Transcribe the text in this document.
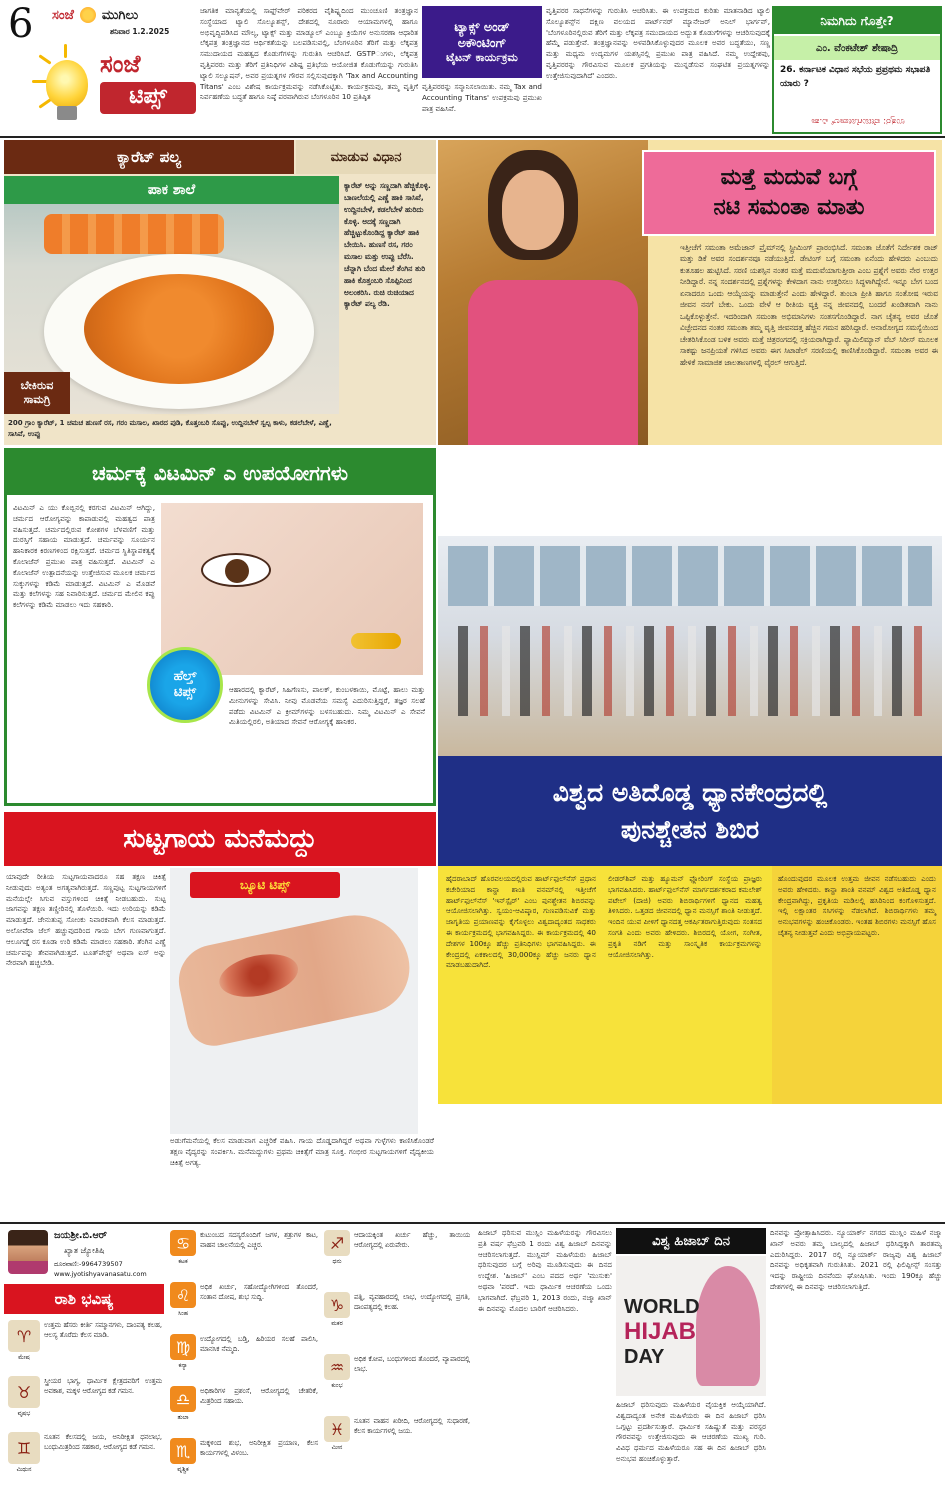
6	ಸಂಜೆ ಮುಗಿಲು
ಶನಿವಾರ 1.2.2025
ಸಂಜೆ
ಟಿಪ್ಸ್
ಜಾಗತಿಕ ಮಾನ್ಯತೆಯಲ್ಲಿ ಸಾಫ್ಟ್‌ವೇರ್ ಪರಿಕರದ ವೈಶಿಷ್ಟ್ಯದಿಂದ ಮುಂಚೂಣಿ ತಂತ್ರಜ್ಞಾನ ಸಂಸ್ಥೆಯಾದ ಟ್ಯಾಲಿ ಸೊಲ್ಯೂಶನ್ಸ್‌, ದೇಶದಲ್ಲಿ ನೂರಾರು ಆಯಾಮಗಳಲ್ಲಿ ಹಾಗೂ ಅಭಿವೃದ್ಧಿಪಡಿಸಿದ ಮೌಲ್ಯ, ಟ್ಯಾಕ್ಸ್ ಮತ್ತು ಮಾಡ್ಯೂಲ್ ಎಂಬ್ಯೂ ಕ್ರಿಯೆಗಳ ಅನುಸರಣಾ ಆಧಾರಿತ ಲೆಕ್ಕಪತ್ರ ತಂತ್ರಜ್ಞಾನದ ಆರ್ಥಿಕತೆಯನ್ನು ಬಲಪಡಿಸುವಲ್ಲಿ, ಬೆಂಗಳೂರಿನ ತೆರಿಗೆ ಮತ್ತು ಲೆಕ್ಕಪತ್ರ ಸಮುದಾಯದ ಮಹತ್ವದ ಕೊಡುಗೆಗಳನ್ನು ಗುರುತಿಸಿ ಆಚರಿಸಿದೆ. GSTPುಗಳು, ಲೆಕ್ಕಪತ್ರ ವೃತ್ತಿಪರರು ಮತ್ತು ತೆರಿಗೆ ಪ್ರತಿನಿಧಿಗಳ ವಿಶಿಷ್ಟ ಪ್ರತಿಭೆಯ ಆಯೋಜಿತ ಕೊಡುಗೆಯನ್ನು ಗುರುತಿಸಿ ಟ್ಯಾಲಿ ಸಲ್ಯೂಷನ್, ಅವರ ಪ್ರಯತ್ನಗಳ ಗೌರವ ಸಲ್ಲಿಸುವುದಕ್ಕಾಗಿ 'Tax and Accounting Titans' ಎಂಬ ವಿಶೇಷ ಕಾರ್ಯಕ್ರಮವನ್ನು ನಡೆಸಿಕೊಟ್ಟಿತು. ಕಾರ್ಯಕ್ರಮವು, ತಮ್ಮ ವೃತ್ತಿಗೆ ನಿರ್ವಹಣೆಯ ಬದ್ಧತೆ ಹಾಗೂ ನಿಷ್ಠೆ ಪರವಾಗಿರುವ ಬೆಂಗಳೂರಿನ 10 ಪ್ರತಿಷ್ಠಿತ
ಟ್ಯಾಕ್ಸ್ ಅಂಡ್
ಅಕೌಂಟಿಂಗ್
ಟೈಟನ್ ಕಾರ್ಯಕ್ರಮ
ವೃತ್ತಿಪರರನ್ನು ಸನ್ಮಾನಿಸಲಾಯಿತು. ನಮ್ಮ Tax and Accounting Titans' ಉಪಕ್ರಮವು ಪ್ರಮುಖ ಪಾತ್ರ ವಹಿಸಿವೆ.
ವೃತ್ತಿಪರರ ಸಾಧನೆಗಳನ್ನು ಗುರುತಿಸಿ ಆಚರಿಸಿತು. ಈ ಉಪಕ್ರಮದ ಕುರಿತು ಮಾತನಾಡಿದ ಟ್ಯಾಲಿ ಸೊಲ್ಯೂಶನ್ಸ್‌ನ ದಕ್ಷಿಣ ವಲಯದ ಪಾರ್ಟ್‌ನರ್ ಮ್ಯಾನೇಜರ್ ಅನಿಲ್ ಭಾರ್ಗವ್, 'ಬೆಂಗಳೂರಿನಲ್ಲಿರುವ ತೆರಿಗೆ ಮತ್ತು ಲೆಕ್ಕಪತ್ರ ಸಮುದಾಯದ ಅದ್ಭುತ ಕೊಡುಗೆಗಳನ್ನು ಆಚರಿಸುವುದಕ್ಕೆ ಹೆಮ್ಮೆ ಪಡುತ್ತೇವೆ. ತಂತ್ರಜ್ಞಾನವನ್ನು ಅಳವಡಿಸಿಕೊಳ್ಳುವುದರ ಮೂಲಕ ಅವರ ಬದ್ಧತೆಯು, ಸಣ್ಣ ಮತ್ತು ಮಧ್ಯಮ ಉದ್ಯಮಗಳ ಯಶಸ್ಸಿನಲ್ಲಿ ಪ್ರಮುಖ ಪಾತ್ರ ವಹಿಸಿದೆ. ನಮ್ಮ ಉದ್ದೇಶವು, ವೃತ್ತಿಪರರನ್ನು ಗೌರವಿಸುವ ಮೂಲಕ ಪ್ರಗತಿಯನ್ನು ಮುನ್ನಡೆಸುವ ಸಂಘಟಿತ ಪ್ರಯತ್ನಗಳನ್ನು ಉತ್ತೇಜಿಸುವುದಾಗಿದೆ' ಎಂದರು.
ನಿಮಗಿದು ಗೊತ್ತೇ?
ಎಂ. ವೆಂಕಟೇಶ್ ಶೇಷಾದ್ರಿ
26. ಕರ್ನಾಟಕ ವಿಧಾನ ಸಭೆಯ ಪ್ರಪ್ರಥಮ ಸಭಾಪತಿ ಯಾರು ?
ಉತ್ತರ: ವೇಣುಗೋಪಾಲ್ ವಿ.ಶಾ
ಕ್ಯಾರೆಟ್ ಪಲ್ಯ	ಮಾಡುವ ವಿಧಾನ
ಪಾಕ ಶಾಲೆ
ಬೇಕಿರುವ
ಸಾಮಗ್ರಿ
ಕ್ಯಾರೆಟ್ ಅನ್ನು ಸಣ್ಣದಾಗಿ ಹೆಚ್ಚಿಕೊಳ್ಳಿ. ಬಾಣಲೆಯಲ್ಲಿ ಎಣ್ಣೆ ಹಾಕಿ ಸಾಸಿವೆ, ಉದ್ದಿನಬೇಳೆ, ಕಡಲೆಬೇಳೆ ಹುರಿದು ಕೊಳ್ಳಿ. ಅದಕ್ಕೆ ಸಣ್ಣದಾಗಿ ಹೆಚ್ಚಿಟ್ಟುಕೊಂಡಿದ್ದ ಕ್ಯಾರೆಟ್ ಹಾಕಿ ಬೇಯಿಸಿ. ಹುಣಸೆ ರಸ, ಗರಂ ಮಸಾಲ ಮತ್ತು ಉಪ್ಪು ಬೆರೆಸಿ. ಚೆನ್ನಾಗಿ ಬೆಂದ ಮೇಲೆ ತೆಂಗಿನ ತುರಿ ಹಾಕಿ ಕೊತ್ತಂಬರಿ ಸೊಪ್ಪಿನಿಂದ ಅಲಂಕರಿಸಿ. ರುಚಿ ರುಚಿಯಾದ ಕ್ಯಾರೆಟ್ ಪಲ್ಯ ರೆಡಿ.
200 ಗ್ರಾಂ ಕ್ಯಾರೆಟ್, 1 ಚಮಚ ಹುಣಸೆ ರಸ, ಗರಂ ಮಸಾಲ, ಖಾರದ ಪುಡಿ, ಕೊತ್ತಂಬರಿ ಸೊಪ್ಪು, ಉದ್ದಿನಬೇಳೆ ಸ್ವಲ್ಪ ಕಾಳು, ಕಡಲೆಬೇಳೆ, ಎಣ್ಣೆ, ಸಾಸಿವೆ, ಉಪ್ಪು
ಮತ್ತೆ ಮದುವೆ ಬಗ್ಗೆ
ನಟಿ ಸಮಂತಾ ಮಾತು
ಇತ್ತೀಚೆಗೆ ಸಮಂತಾ ಅಮೆಜಾನ್ ಪ್ರೈಮ್‌ನಲ್ಲಿ ಸ್ಟ್ರೀಮಿಂಗ್ ಪ್ರಾರಂಭಿಸಿದೆ. ಸಮಂತಾ ಜೊತೆಗೆ ನಿರ್ದೇಶಕ ರಾಜ್ ಮತ್ತು ಡಿಕೆ ಅವರ ಸಂದರ್ಶನವೂ ನಡೆಯುತ್ತಿದೆ. ಡೇಟಿಂಗ್ ಬಗ್ಗೆ ಸಮಂತಾ ಏನೆಂದು ಹೇಳಿದರು ಎಂಬುದು ಕುತೂಹಲ ಹುಟ್ಟಿಸಿದೆ. ಸರಣಿ ಯಶಸ್ಸಿನ ನಂತರ ಮತ್ತೆ ಮದುವೆಯಾಗುತ್ತೀರಾ ಎಂಬ ಪ್ರಶ್ನೆಗೆ ಅವರು ನೇರ ಉತ್ತರ ನೀಡಿದ್ದಾರೆ. ನನ್ನ ಸಂದರ್ಶನದಲ್ಲಿ ಪ್ರಶ್ನೆಗಳನ್ನು ಕೇಳಿದಾಗ ನಾನು ಉತ್ತರಿಸಲು ಸಿದ್ಧಳಾಗಿದ್ದೇನೆ. ಇನ್ನೂ ಬೇಗ ಬಂದ ಏನಾದರೂ ಒಂದು ಆಯ್ಕೆಯನ್ನು ಮಾಡುತ್ತೇನೆ ಎಂದು ಹೇಳಿದ್ದಾರೆ. ತುಂಬಾ ಪ್ರೀತಿ ಹಾಗೂ ಸಂತೋಷ ಇರುವ ಜೀವನ ನನಗೆ ಬೇಕು. ಒಂದು ವೇಳೆ ಆ ರೀತಿಯ ವ್ಯಕ್ತಿ ನನ್ನ ಜೀವನದಲ್ಲಿ ಬಂದರೆ ಖಂಡಿತವಾಗಿ ನಾನು ಒಪ್ಪಿಕೊಳ್ಳುತ್ತೇನೆ. ಇದರಿಂದಾಗಿ ಸಮಂತಾ ಅಭಿಮಾನಿಗಳು ಸಂತಸಗೊಂಡಿದ್ದಾರೆ. ನಾಗ ಚೈತನ್ಯ ಅವರ ಜೊತೆ ವಿಚ್ಛೇದನದ ನಂತರ ಸಮಂತಾ ತಮ್ಮ ವೃತ್ತಿ ಜೀವನದತ್ತ ಹೆಚ್ಚಿನ ಗಮನ ಹರಿಸಿದ್ದಾರೆ. ಅನಾರೋಗ್ಯದ ಸಮಸ್ಯೆಯಿಂದ ಚೇತರಿಸಿಕೊಂಡ ಬಳಿಕ ಅವರು ಮತ್ತೆ ಚಿತ್ರರಂಗದಲ್ಲಿ ಸಕ್ರಿಯರಾಗಿದ್ದಾರೆ. ಫ್ಯಾಮಿಲಿಮ್ಯಾನ್ ವೆಬ್ ಸಿರೀಸ್ ಮೂಲಕ ಸಾಕಷ್ಟು ಜನಪ್ರಿಯತೆ ಗಳಿಸಿದ ಅವರು ಈಗ ಸಿಟಾಡೆಲ್ ಸರಣಿಯಲ್ಲಿ ಕಾಣಿಸಿಕೊಂಡಿದ್ದಾರೆ. ಸಮಂತಾ ಅವರ ಈ ಹೇಳಿಕೆ ಸಾಮಾಜಿಕ ಜಾಲತಾಣಗಳಲ್ಲಿ ವೈರಲ್ ಆಗುತ್ತಿದೆ.
ಚರ್ಮಕ್ಕೆ ವಿಟಮಿನ್ ಎ ಉಪಯೋಗಗಳು
ವಿಟಮಿನ್ ಎ ಯು ಕೊಬ್ಬಿನಲ್ಲಿ ಕರಗುವ ವಿಟಮಿನ್ ಆಗಿದ್ದು, ಚರ್ಮದ ಆರೋಗ್ಯವನ್ನು ಕಾಪಾಡುವಲ್ಲಿ ಮಹತ್ವದ ಪಾತ್ರ ವಹಿಸುತ್ತದೆ. ಚರ್ಮದಲ್ಲಿರುವ ಕೋಶಗಳ ಬೆಳವಣಿಗೆ ಮತ್ತು ದುರಸ್ತಿಗೆ ಸಹಾಯ ಮಾಡುತ್ತದೆ. ಚರ್ಮವನ್ನು ಸೂರ್ಯನ ಹಾನಿಕಾರಕ ಕಿರಣಗಳಿಂದ ರಕ್ಷಿಸುತ್ತದೆ. ಚರ್ಮದ ಸ್ಥಿತಿಸ್ಥಾಪಕತ್ವಕ್ಕೆ ಕೊಲಾಜೆನ್ ಪ್ರಮುಖ ಪಾತ್ರ ವಹಿಸುತ್ತದೆ. ವಿಟಮಿನ್ ಎ ಕೊಲಾಜೆನ್ ಉತ್ಪಾದನೆಯನ್ನು ಉತ್ತೇಜಿಸುವ ಮೂಲಕ ಚರ್ಮದ ಸುಕ್ಕುಗಳನ್ನು ಕಡಿಮೆ ಮಾಡುತ್ತದೆ. ವಿಟಮಿನ್ ಎ ಮೊಡವೆ ಮತ್ತು ಕಲೆಗಳನ್ನು ಸಹ ನಿವಾರಿಸುತ್ತದೆ. ಚರ್ಮದ ಮೇಲಿನ ಕಪ್ಪು ಕಲೆಗಳನ್ನು ಕಡಿಮೆ ಮಾಡಲು ಇದು ಸಹಕಾರಿ.
ಹೆಲ್ತ್
ಟಿಪ್ಸ್	ಆಹಾರದಲ್ಲಿ ಕ್ಯಾರೆಟ್, ಸಿಹಿಗೆಣಸು, ಪಾಲಕ್, ಕುಂಬಳಕಾಯಿ, ಮೊಟ್ಟೆ, ಹಾಲು ಮತ್ತು ಮೀನುಗಳನ್ನು ಸೇವಿಸಿ. ನೀವು ಮೊಡವೆಯ ಸಮಸ್ಯೆ ಎದುರಿಸುತ್ತಿದ್ದರೆ, ತಜ್ಞರ ಸಲಹೆ ಪಡೆದು ವಿಟಮಿನ್ ಎ ಕ್ರೀಮ್‌ಗಳನ್ನು ಬಳಸಬಹುದು. ನಿಮ್ಮ ವಿಟಮಿನ್ ಎ ಸೇವನೆ ಮಿತಿಯಲ್ಲಿರಲಿ, ಅತಿಯಾದ ಸೇವನೆ ಆರೋಗ್ಯಕ್ಕೆ ಹಾನಿಕರ.
ವಿಶ್ವದ ಅತಿದೊಡ್ಡ ಧ್ಯಾನಕೇಂದ್ರದಲ್ಲಿ
ಪುನಶ್ಚೇತನ ಶಿಬಿರ
ಹೈದರಾಬಾದ್ ಹೊರವಲಯದಲ್ಲಿರುವ ಹಾರ್ಟ್‌ಫುಲ್‌ನೆಸ್ ಪ್ರಧಾನ ಕಚೇರಿಯಾದ ಕಾನ್ಹಾ ಶಾಂತಿ ವನಮ್‌ನಲ್ಲಿ ಇತ್ತೀಚೆಗೆ ಹಾರ್ಟ್‌ಫುಲ್‌ನೆಸ್ 'ಇನ್‌ಸ್ಪೈರ್' ಎಂಬ ಪುನಶ್ಚೇತನ ಶಿಬಿರವನ್ನು ಆಯೋಜಿಸಲಾಗಿತ್ತು. ಸ್ವಯಂ-ಆವಿಷ್ಕಾರ, ಗುಣಪಡಿಸುವಿಕೆ ಮತ್ತು ಜಾಗೃತಿಯ ಪ್ರಯಾಣವನ್ನು ಕೈಗೊಳ್ಳಲು ವಿಶ್ವದಾದ್ಯಂತದ ಸಾಧಕರು ಈ ಕಾರ್ಯಕ್ರಮದಲ್ಲಿ ಭಾಗವಹಿಸಿದ್ದರು. ಈ ಕಾರ್ಯಕ್ರಮದಲ್ಲಿ 40 ದೇಶಗಳ 100ಕ್ಕೂ ಹೆಚ್ಚು ಪ್ರತಿನಿಧಿಗಳು ಭಾಗವಹಿಸಿದ್ದರು. ಈ ಕೇಂದ್ರದಲ್ಲಿ ಏಕಕಾಲದಲ್ಲಿ 30,000ಕ್ಕೂ ಹೆಚ್ಚು ಜನರು ಧ್ಯಾನ ಮಾಡಬಹುದಾಗಿದೆ.
ಲೀಡರ್‌ಶಿಪ್ ಮತ್ತು ಹ್ಯೂಮನ್ ಫ್ಲೋರಿಂಗ್ ಸಂಸ್ಥೆಯ ಪ್ರಾಜ್ಞರು ಭಾಗವಹಿಸಿದರು. ಹಾರ್ಟ್‌ಫುಲ್‌ನೆಸ್ ಮಾರ್ಗದರ್ಶಕರಾದ ಕಮಲೇಶ್ ಪಟೇಲ್ (ದಾಜಿ) ಅವರು ಶಿಬಿರಾರ್ಥಿಗಳಿಗೆ ಧ್ಯಾನದ ಮಹತ್ವ ತಿಳಿಸಿದರು. ಒತ್ತಡದ ಜೀವನದಲ್ಲಿ ಧ್ಯಾನ ಮನಸ್ಸಿಗೆ ಶಾಂತಿ ನೀಡುತ್ತದೆ. ಇಂದಿನ ಯುವ ಪೀಳಿಗೆ ಧ್ಯಾನದತ್ತ ಆಕರ್ಷಿತರಾಗುತ್ತಿರುವುದು ಸಂತಸದ ಸಂಗತಿ ಎಂದು ಅವರು ಹೇಳಿದರು. ಶಿಬಿರದಲ್ಲಿ ಯೋಗ, ಸಂಗೀತ, ಪ್ರಕೃತಿ ನಡಿಗೆ ಮತ್ತು ಸಾಂಸ್ಕೃತಿಕ ಕಾರ್ಯಕ್ರಮಗಳನ್ನು ಆಯೋಜಿಸಲಾಗಿತ್ತು.
ಹೊಂದುವುದರ ಮೂಲಕ ಉತ್ತಮ ಜೀವನ ನಡೆಸಬಹುದು ಎಂದು ಅವರು ಹೇಳಿದರು. ಕಾನ್ಹಾ ಶಾಂತಿ ವನಮ್ ವಿಶ್ವದ ಅತಿದೊಡ್ಡ ಧ್ಯಾನ ಕೇಂದ್ರವಾಗಿದ್ದು, ಪ್ರಕೃತಿಯ ಮಡಿಲಲ್ಲಿ ಹಸಿರಿನಿಂದ ಕಂಗೊಳಿಸುತ್ತದೆ. ಇಲ್ಲಿ ಲಕ್ಷಾಂತರ ಸಸಿಗಳನ್ನು ನೆಡಲಾಗಿದೆ. ಶಿಬಿರಾರ್ಥಿಗಳು ತಮ್ಮ ಅನುಭವಗಳನ್ನು ಹಂಚಿಕೊಂಡರು. ಇಂತಹ ಶಿಬಿರಗಳು ಮನಸ್ಸಿಗೆ ಹೊಸ ಚೈತನ್ಯ ನೀಡುತ್ತವೆ ಎಂದು ಅಭಿಪ್ರಾಯಪಟ್ಟರು.
ಸುಟ್ಟಗಾಯ ಮನೆಮದ್ದು
ಯಾವುದೇ ರೀತಿಯ ಸುಟ್ಟಗಾಯವಾದರೂ ಸಹ ತಕ್ಷಣ ಚಿಕಿತ್ಸೆ ನೀಡುವುದು ಅತ್ಯಂತ ಅಗತ್ಯವಾಗಿರುತ್ತದೆ. ಸಣ್ಣಪುಟ್ಟ ಸುಟ್ಟಗಾಯಗಳಿಗೆ ಮನೆಯಲ್ಲೇ ಸಿಗುವ ವಸ್ತುಗಳಿಂದ ಚಿಕಿತ್ಸೆ ನೀಡಬಹುದು. ಸುಟ್ಟ ಜಾಗವನ್ನು ತಕ್ಷಣ ತಣ್ಣೀರಿನಲ್ಲಿ ತೊಳೆಯಿರಿ. ಇದು ಉರಿಯನ್ನು ಕಡಿಮೆ ಮಾಡುತ್ತದೆ. ಜೇನುತುಪ್ಪ ಸೋಂಕು ನಿವಾರಕವಾಗಿ ಕೆಲಸ ಮಾಡುತ್ತದೆ. ಅಲೋವೆರಾ ಜೆಲ್ ಹಚ್ಚುವುದರಿಂದ ಗಾಯ ಬೇಗ ಗುಣವಾಗುತ್ತದೆ. ಆಲೂಗಡ್ಡೆ ರಸ ಕೂಡಾ ಉರಿ ಕಡಿಮೆ ಮಾಡಲು ಸಹಕಾರಿ. ತೆಂಗಿನ ಎಣ್ಣೆ ಚರ್ಮವನ್ನು ತೇವವಾಗಿಡುತ್ತದೆ. ಟೂತ್‌ಪೇಸ್ಟ್ ಅಥವಾ ಐಸ್ ಅನ್ನು ನೇರವಾಗಿ ಹಚ್ಚಬೇಡಿ.
ಬ್ಯೂಟಿ ಟಿಪ್ಸ್
ಅಡುಗೆಮನೆಯಲ್ಲಿ ಕೆಲಸ ಮಾಡುವಾಗ ಎಚ್ಚರಿಕೆ ವಹಿಸಿ. ಗಾಯ ದೊಡ್ಡದಾಗಿದ್ದರೆ ಅಥವಾ ಗುಳ್ಳೆಗಳು ಕಾಣಿಸಿಕೊಂಡರೆ ತಕ್ಷಣ ವೈದ್ಯರನ್ನು ಸಂಪರ್ಕಿಸಿ. ಮನೆಮದ್ದುಗಳು ಪ್ರಥಮ ಚಿಕಿತ್ಸೆಗೆ ಮಾತ್ರ ಸೂಕ್ತ. ಗಂಭೀರ ಸುಟ್ಟಗಾಯಗಳಿಗೆ ವೈದ್ಯಕೀಯ ಚಿಕಿತ್ಸೆ ಅಗತ್ಯ.
ಜಯಶ್ರೀ.ಬಿ.ಆರ್
ಖ್ಯಾತ ಜ್ಯೋತಿಷಿ
ದೂರವಾಣಿ:-9964739507
www.jyotishyavanasatu.com
ರಾಶಿ ಭವಿಷ್ಯ
♈
ಮೇಷ
ಉತ್ತಮ ಹೆಸರು ಕೀರ್ತಿ ಸಮ್ಮಾನಗಳು, ದಾಂಪತ್ಯ ಕಲಹ, ಆಲಸ್ಯ ತೊರೆದು ಕೆಲಸ ಮಾಡಿ.
♉
ವೃಷಭ
ಸ್ತ್ರೀಯರ ಭಾಗ್ಯ, ಧಾರ್ಮಿಕ ಕ್ಷೇತ್ರದವರಿಗೆ ಉತ್ತಮ ಅವಕಾಶ, ಮಕ್ಕಳ ಆರೋಗ್ಯದ ಕಡೆ ಗಮನ.
♊
ಮಿಥುನ
ನೂತನ ಕೆಲಸದಲ್ಲಿ ಜಯ, ಅನಿರೀಕ್ಷಿತ ಧನಲಾಭ, ಬಂಧುಮಿತ್ರರಿಂದ ಸಹಕಾರ, ಆರೋಗ್ಯದ ಕಡೆ ಗಮನ.
♋
ಕಟಕ
ಕುಟುಂಬದ ಸದಸ್ಯರೊಂದಿಗೆ ಜಗಳ, ಶತ್ರುಗಳ ಕಾಟ, ವಾಹನ ಚಾಲನೆಯಲ್ಲಿ ಎಚ್ಚರ.
♌
ಸಿಂಹ
ಅಧಿಕ ಖರ್ಚು, ಸಹೋದ್ಯೋಗಿಗಳಿಂದ ತೊಂದರೆ, ಸಂತಾನ ದೋಷ, ಶುಭ ಸುದ್ದಿ.
♍
ಕನ್ಯಾ
ಉದ್ಯೋಗದಲ್ಲಿ ಬಡ್ತಿ, ಹಿರಿಯರ ಸಲಹೆ ಪಾಲಿಸಿ, ಮಾನಸಿಕ ನೆಮ್ಮದಿ.
♎
ತುಲಾ
ಅಧಿಕಾರಿಗಳ ಪ್ರಶಂಸೆ, ಆರೋಗ್ಯದಲ್ಲಿ ಚೇತರಿಕೆ, ಮಿತ್ರರಿಂದ ಸಹಾಯ.
♏
ವೃಶ್ಚಿಕ
ಮಕ್ಕಳಿಂದ ಶುಭ, ಅನಿರೀಕ್ಷಿತ ಪ್ರಯಾಣ, ಕೆಲಸ ಕಾರ್ಯಗಳಲ್ಲಿ ವಿಳಂಬ.
♐
ಧನು
ಆದಾಯಕ್ಕಿಂತ ಖರ್ಚು ಹೆಚ್ಚು, ತಾಯಿಯ ಆರೋಗ್ಯದಲ್ಲಿ ಏರುಪೇರು.
♑
ಮಕರ
ಪತ್ನಿ, ವ್ಯವಹಾರದಲ್ಲಿ ಲಾಭ, ಉದ್ಯೋಗದಲ್ಲಿ ಪ್ರಗತಿ, ದಾಂಪತ್ಯದಲ್ಲಿ ಕಲಹ.
♒
ಕುಂಭ
ಅಧಿಕ ಕೋಪ, ಬಂಧುಗಳಿಂದ ತೊಂದರೆ, ವ್ಯಾಪಾರದಲ್ಲಿ ಲಾಭ.
♓
ಮೀನ
ನೂತನ ವಾಹನ ಖರೀದಿ, ಆರೋಗ್ಯದಲ್ಲಿ ಸುಧಾರಣೆ, ಕೆಲಸ ಕಾರ್ಯಗಳಲ್ಲಿ ಜಯ.
ಹಿಜಾಬ್ ಧರಿಸುವ ಮುಸ್ಲಿಂ ಮಹಿಳೆಯರನ್ನು ಗೌರವಿಸಲು ಪ್ರತಿ ವರ್ಷ ಫೆಬ್ರವರಿ 1 ರಂದು ವಿಶ್ವ ಹಿಜಾಬ್ ದಿನವನ್ನು ಆಚರಿಸಲಾಗುತ್ತದೆ. ಮುಸ್ಲಿಮ್ ಮಹಿಳೆಯರು ಹಿಜಾಬ್ ಧರಿಸುವುದರ ಬಗ್ಗೆ ಅರಿವು ಮೂಡಿಸುವುದು ಈ ದಿನದ ಉದ್ದೇಶ. 'ಹಿಜಾಬ್' ಎಂಬ ಪದದ ಅರ್ಥ 'ಮುಸುಕು' ಅಥವಾ 'ಪರದೆ'. ಇದು ಧಾರ್ಮಿಕ ಆಚರಣೆಯ ಒಂದು ಭಾಗವಾಗಿದೆ. ಫೆಬ್ರವರಿ 1, 2013 ರಂದು, ನಜ್ಮಾ ಖಾನ್ ಈ ದಿನವನ್ನು ಮೊದಲ ಬಾರಿಗೆ ಆಚರಿಸಿದರು.
ವಿಶ್ವ ಹಿಜಾಬ್ ದಿನ
WORLD
HIJAB
DAY
ಹಿಜಾಬ್ ಧರಿಸುವುದು ಮಹಿಳೆಯರ ವೈಯಕ್ತಿಕ ಆಯ್ಕೆಯಾಗಿದೆ. ವಿಶ್ವದಾದ್ಯಂತ ಅನೇಕ ಮಹಿಳೆಯರು ಈ ದಿನ ಹಿಜಾಬ್ ಧರಿಸಿ ಒಗ್ಗಟ್ಟು ಪ್ರದರ್ಶಿಸುತ್ತಾರೆ. ಧಾರ್ಮಿಕ ಸಹಿಷ್ಣುತೆ ಮತ್ತು ಪರಸ್ಪರ ಗೌರವವನ್ನು ಉತ್ತೇಜಿಸುವುದು ಈ ಆಚರಣೆಯ ಮುಖ್ಯ ಗುರಿ. ವಿವಿಧ ಧರ್ಮದ ಮಹಿಳೆಯರೂ ಸಹ ಈ ದಿನ ಹಿಜಾಬ್ ಧರಿಸಿ ಅನುಭವ ಹಂಚಿಕೊಳ್ಳುತ್ತಾರೆ.
ದಿನವನ್ನು ಪ್ರೋತ್ಸಾಹಿಸಿದರು. ನ್ಯೂಯಾರ್ಕ್ ನಗರದ ಮುಸ್ಲಿಂ ಮಹಿಳೆ ನಜ್ಮಾ ಖಾನ್ ಅವರು ತಮ್ಮ ಬಾಲ್ಯದಲ್ಲಿ ಹಿಜಾಬ್ ಧರಿಸಿದ್ದಕ್ಕಾಗಿ ತಾರತಮ್ಯ ಎದುರಿಸಿದ್ದರು. 2017 ರಲ್ಲಿ ನ್ಯೂಯಾರ್ಕ್ ರಾಜ್ಯವು ವಿಶ್ವ ಹಿಜಾಬ್ ದಿನವನ್ನು ಅಧಿಕೃತವಾಗಿ ಗುರುತಿಸಿತು. 2021 ರಲ್ಲಿ ಫಿಲಿಪ್ಪೀನ್ಸ್ ಸಂಸತ್ತು ಇದನ್ನು ರಾಷ್ಟ್ರೀಯ ದಿನವೆಂದು ಘೋಷಿಸಿತು. ಇಂದು 190ಕ್ಕೂ ಹೆಚ್ಚು ದೇಶಗಳಲ್ಲಿ ಈ ದಿನವನ್ನು ಆಚರಿಸಲಾಗುತ್ತಿದೆ.
